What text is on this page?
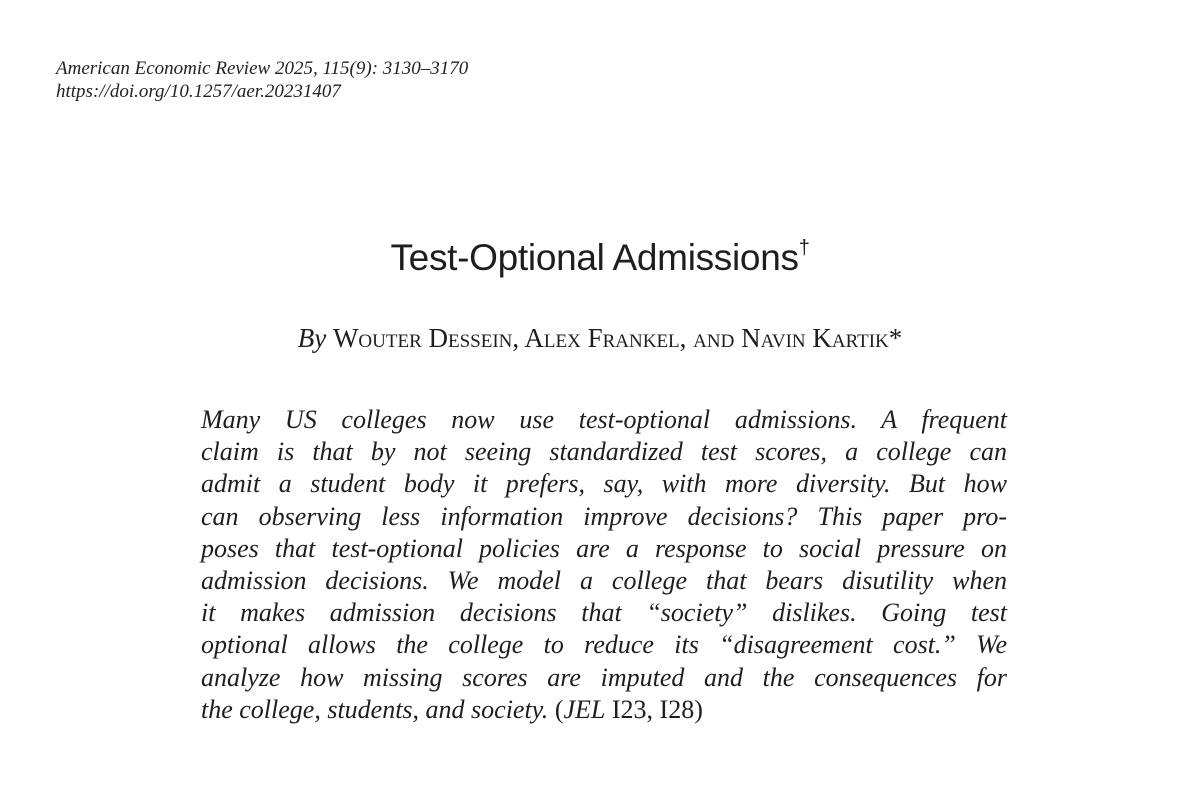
American Economic Review 2025, 115(9): 3130–3170
https://doi.org/10.1257/aer.20231407
Test-Optional Admissions†
By Wouter Dessein, Alex Frankel, and Navin Kartik*
Many US colleges now use test-optional admissions. A frequent
claim is that by not seeing standardized test scores, a college can
admit a student body it prefers, say, with more diversity. But how
can observing less information improve decisions? This paper pro-
poses that test-optional policies are a response to social pressure on
admission decisions. We model a college that bears disutility when
it makes admission decisions that “society” dislikes. Going test
optional allows the college to reduce its “disagreement cost.” We
analyze how missing scores are imputed and the consequences for
the college, students, and society. (JEL I23, I28)
